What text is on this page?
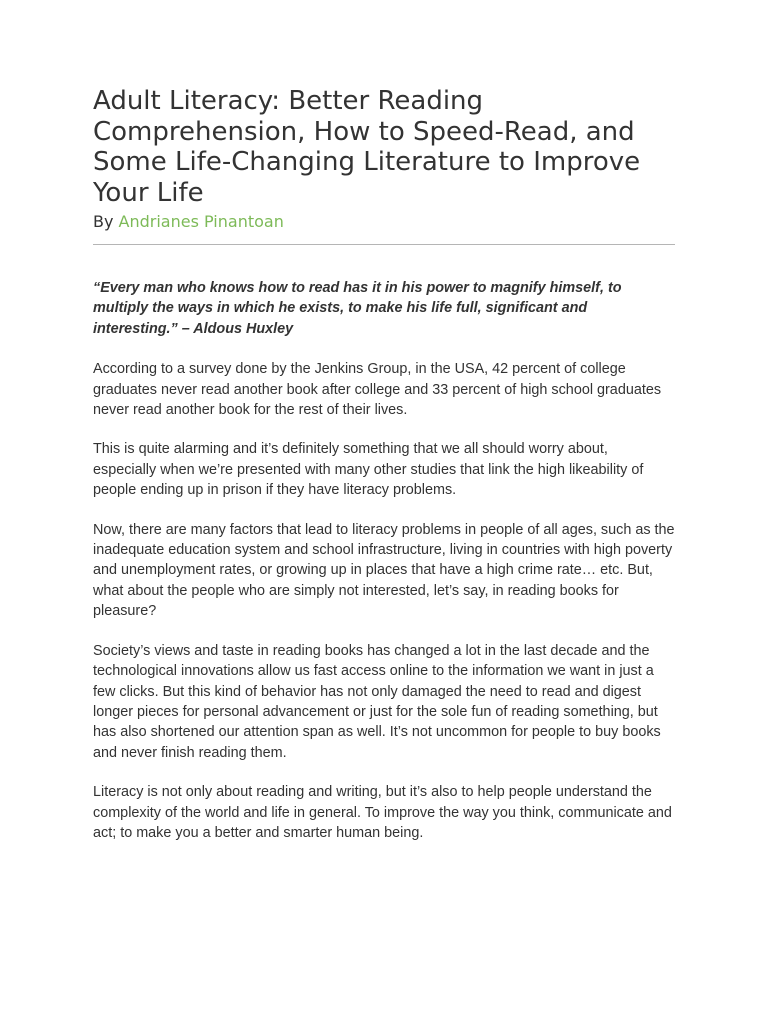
Adult Literacy: Better Reading Comprehension, How to Speed-Read, and Some Life-Changing Literature to Improve Your Life
By Andrianes Pinantoan

“Every man who knows how to read has it in his power to magnify himself, to multiply the ways in which he exists, to make his life full, significant and interesting.” – Aldous Huxley

According to a survey done by the Jenkins Group, in the USA, 42 percent of college graduates never read another book after college and 33 percent of high school graduates never read another book for the rest of their lives.

This is quite alarming and it’s definitely something that we all should worry about, especially when we’re presented with many other studies that link the high likeability of people ending up in prison if they have literacy problems.

Now, there are many factors that lead to literacy problems in people of all ages, such as the inadequate education system and school infrastructure, living in countries with high poverty and unemployment rates, or growing up in places that have a high crime rate… etc. But, what about the people who are simply not interested, let’s say, in reading books for pleasure?

Society’s views and taste in reading books has changed a lot in the last decade and the technological innovations allow us fast access online to the information we want in just a few clicks. But this kind of behavior has not only damaged the need to read and digest longer pieces for personal advancement or just for the sole fun of reading something, but has also shortened our attention span as well. It’s not uncommon for people to buy books and never finish reading them.

Literacy is not only about reading and writing, but it’s also to help people understand the complexity of the world and life in general. To improve the way you think, communicate and act; to make you a better and smarter human being.
